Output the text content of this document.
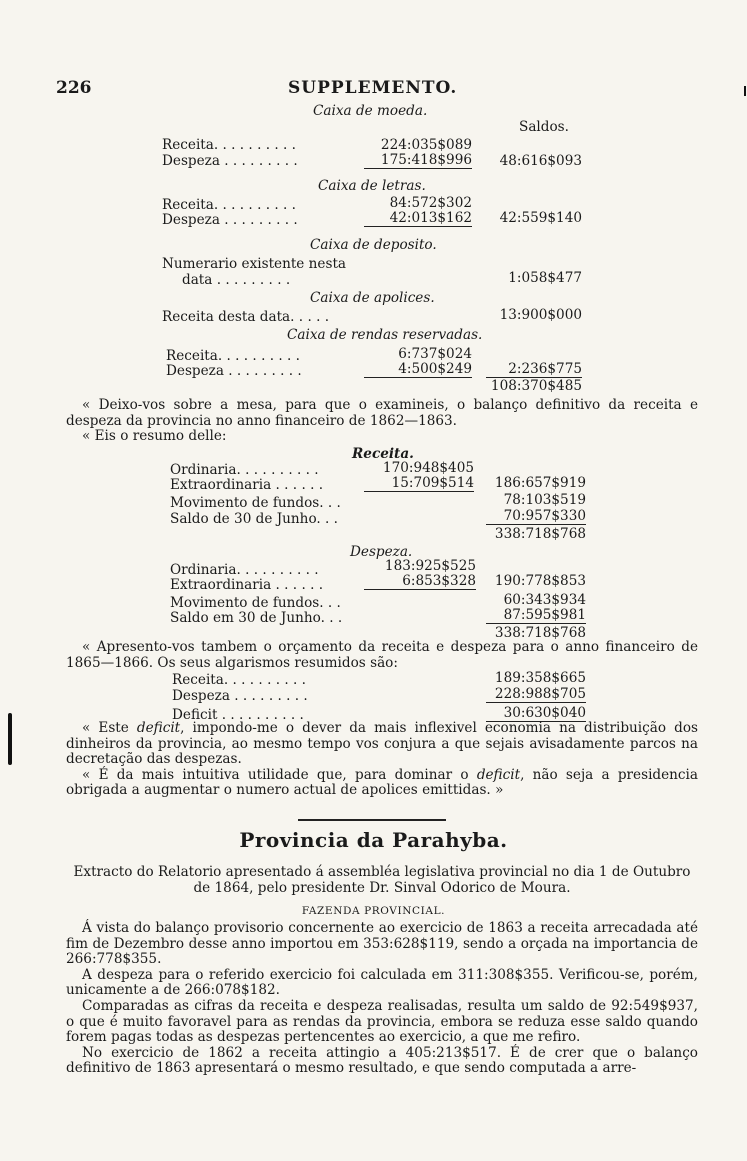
226	SUPPLEMENTO.
Caixa de moeda.
Saldos.
Receita. . . . . . . . . .	224:035$089
Despeza . . . . . . . . .	175:418$996	48:616$093
Caixa de letras.
Receita. . . . . . . . . .	84:572$302
Despeza . . . . . . . . .	42:013$162	42:559$140
Caixa de deposito.
Numerario existente nesta
data . . . . . . . . .	1:058$477
Caixa de apolices.
Receita desta data. . . . .	13:900$000
Caixa de rendas reservadas.
Receita. . . . . . . . . .	6:737$024
Despeza . . . . . . . . .	4:500$249	2:236$775
108:370$485

« Deixo-vos sobre a mesa, para que o examineis, o balanço definitivo da receita e despeza da provincia no anno financeiro de 1862—1863.

« Eis o resumo delle:

Receita.
Ordinaria. . . . . . . . . .	170:948$405
Extraordinaria . . . . . .	15:709$514	186:657$919
Movimento de fundos. . .	78:103$519
Saldo de 30 de Junho. . .	70:957$330
338:718$768
Despeza.
Ordinaria. . . . . . . . . .	183:925$525
Extraordinaria . . . . . .	6:853$328	190:778$853
Movimento de fundos. . .	60:343$934
Saldo em 30 de Junho. . .	87:595$981
338:718$768

« Apresento-vos tambem o orçamento da receita e despeza para o anno financeiro de 1865—1866. Os seus algarismos resumidos são:

Receita. . . . . . . . . .	189:358$665
Despeza . . . . . . . . .	228:988$705
Deficit . . . . . . . . . .	30:630$040

« Este deficit, impondo-me o dever da mais inflexivel economia na distribuição dos dinheiros da provincia, ao mesmo tempo vos conjura a que sejais avisadamente parcos na decretação das despezas.

« É da mais intuitiva utilidade que, para dominar o deficit, não seja a presidencia obrigada a augmentar o numero actual de apolices emittidas. »

Provincia da Parahyba.
Extracto do Relatorio apresentado á assembléa legislativa provincial no dia 1 de Outubro de 1864, pelo presidente Dr. Sinval Odorico de Moura.
FAZENDA PROVINCIAL.

Á vista do balanço provisorio concernente ao exercicio de 1863 a receita arrecadada até fim de Dezembro desse anno importou em 353:628$119, sendo a orçada na importancia de 266:778$355.

A despeza para o referido exercicio foi calculada em 311:308$355. Verificou-se, porém, unicamente a de 266:078$182.

Comparadas as cifras da receita e despeza realisadas, resulta um saldo de 92:549$937, o que é muito favoravel para as rendas da provincia, embora se reduza esse saldo quando forem pagas todas as despezas pertencentes ao exercicio, a que me refiro.

No exercicio de 1862 a receita attingio a 405:213$517. É de crer que o balanço definitivo de 1863 apresentará o mesmo resultado, e que sendo computada a arre-
